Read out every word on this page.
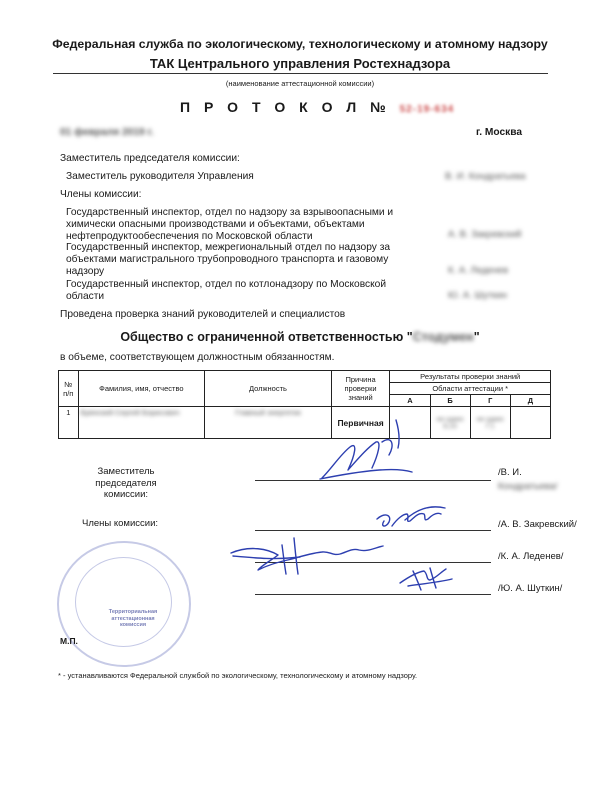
Федеральная служба по экологическому, технологическому и атомному надзору
ТАК Центрального управления Ростехнадзора
(наименование аттестационной комиссии)
П Р О Т О К О Л № 52-19-634
01 февраля 2019 г.	г. Москва
Заместитель председателя комиссии:
Заместитель руководителя Управления	В. И. Кондратьева
Члены комиссии:
Государственный инспектор, отдел по надзору за взрывоопасными и химически опасными производствами и объектами, объектами нефтепродуктообеспечения по Московской области	А. В. Закревский
Государственный инспектор, межрегиональный отдел по надзору за объектами магистрального трубопроводного транспорта и газовому надзору	К. А. Леденев
Государственный инспектор, отдел по котлонадзору по Московской области	Ю. А. Шуткин
Проведена проверка знаний руководителей и специалистов
Общество с ограниченной ответственностью "Стодумен"
в объеме, соответствующем должностным обязанностям.
№ п/п	Фамилия, имя, отчество	Должность	Причина проверки знаний	Результаты проверки знаний			
				Области аттестации *			
				А	Б	Г	Д
1	Брянский Сергей Борисович	Главный энергетик	Первичная		не сдано Б.23	не сдано Г.1	
Заместитель председателя комиссии:
/В. И.
Кондратьева/
Члены комиссии:	/А. В. Закревский/
/К. А. Леденев/
/Ю. А. Шуткин/
Территориальная аттестационная комиссия
М.П.
* - устанавливаются Федеральной службой по экологическому, технологическому и атомному надзору.
